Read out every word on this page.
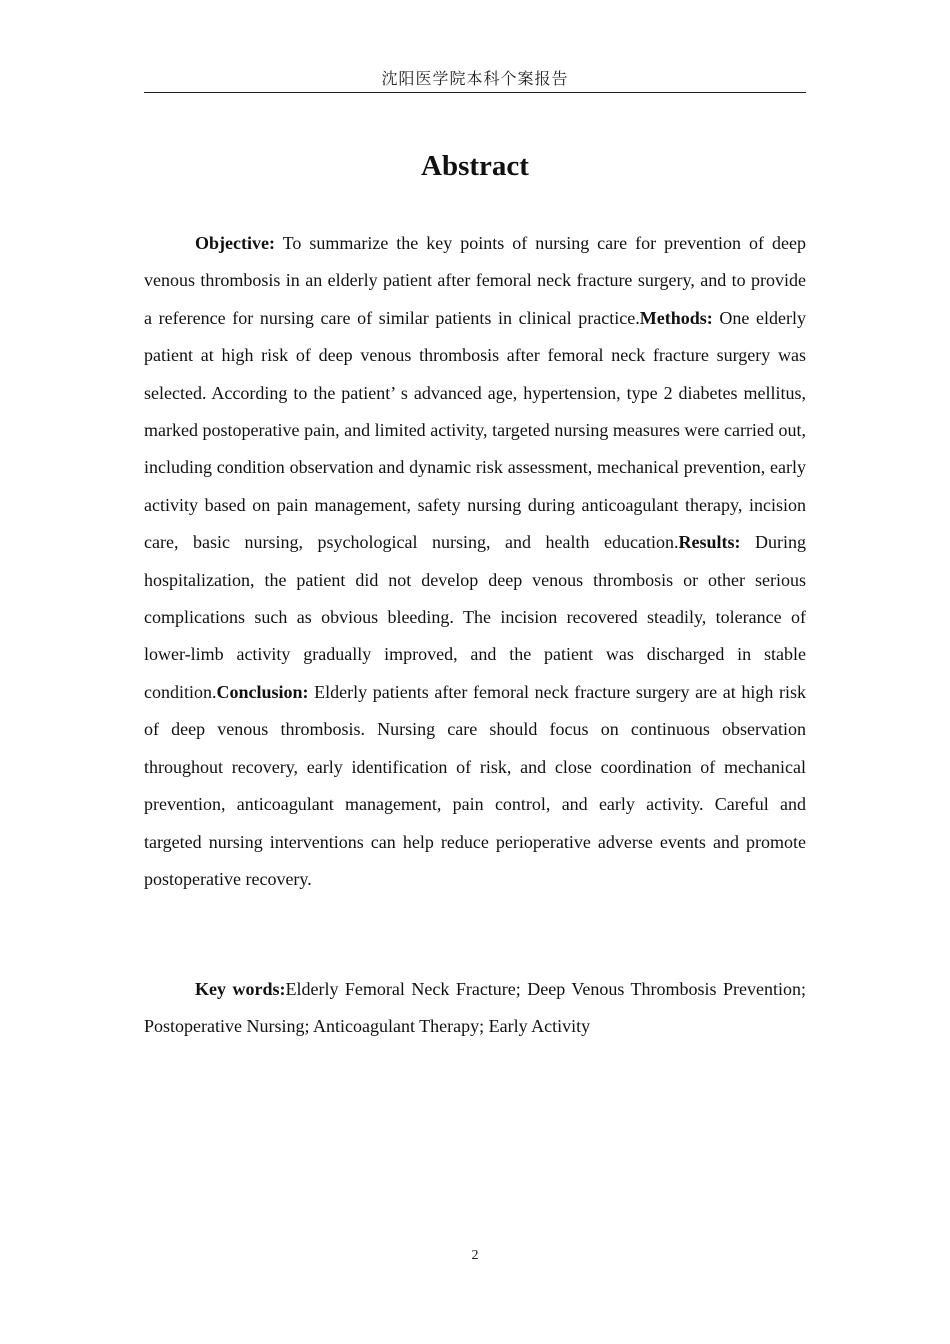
沈阳医学院本科个案报告
Abstract

Objective: To summarize the key points of nursing care for prevention of deep venous thrombosis in an elderly patient after femoral neck fracture surgery, and to provide a reference for nursing care of similar patients in clinical practice.Methods: One elderly patient at high risk of deep venous thrombosis after femoral neck fracture surgery was selected. According to the patient’ s advanced age, hypertension, type 2 diabetes mellitus, marked postoperative pain, and limited activity, targeted nursing measures were carried out, including condition observation and dynamic risk assessment, mechanical prevention, early activity based on pain management, safety nursing during anticoagulant therapy, incision care, basic nursing, psychological nursing, and health education.Results: During hospitalization, the patient did not develop deep venous thrombosis or other serious complications such as obvious bleeding. The incision recovered steadily, tolerance of lower-limb activity gradually improved, and the patient was discharged in stable condition.Conclusion: Elderly patients after femoral neck fracture surgery are at high risk of deep venous thrombosis. Nursing care should focus on continuous observation throughout recovery, early identification of risk, and close coordination of mechanical prevention, anticoagulant management, pain control, and early activity. Careful and targeted nursing interventions can help reduce perioperative adverse events and promote postoperative recovery.

Key words:Elderly Femoral Neck Fracture; Deep Venous Thrombosis Prevention; Postoperative Nursing; Anticoagulant Therapy; Early Activity

2
